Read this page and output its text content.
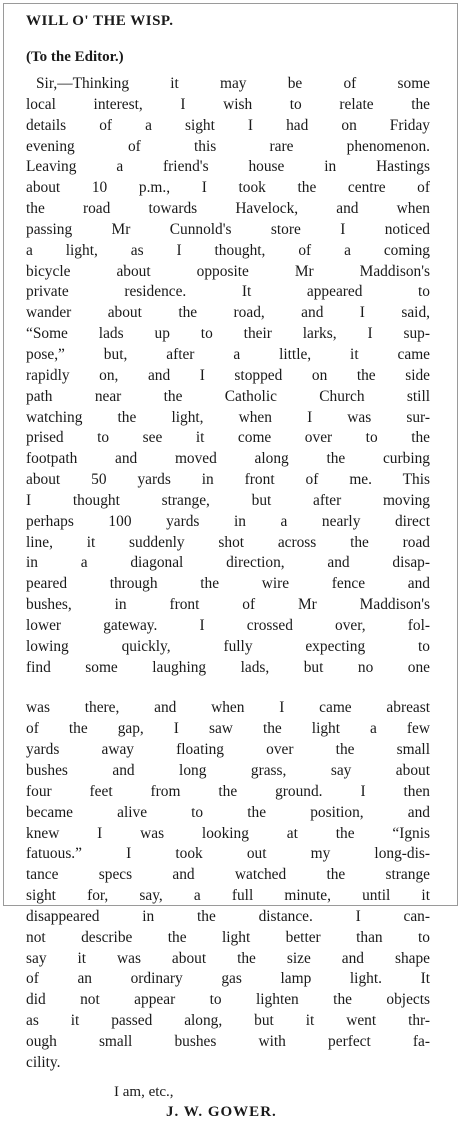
WILL O' THE WISP.
(To the Editor.)
Sir,—Thinking it may be of some
local interest, I wish to relate the
details of a sight I had on Friday
evening of this rare phenomenon.
Leaving a friend's house in Hastings
about 10 p.m., I took the centre of
the road towards Havelock, and when
passing Mr Cunnold's store I noticed
a light, as I thought, of a coming
bicycle about opposite Mr Maddison's
private residence. It appeared to
wander about the road, and I said,
“Some lads up to their larks, I sup-
pose,” but, after a little, it came
rapidly on, and I stopped on the side
path near the Catholic Church still
watching the light, when I was sur-
prised to see it come over to the
footpath and moved along the curbing
about 50 yards in front of me. This
I thought strange, but after moving
perhaps 100 yards in a nearly direct
line, it suddenly shot across the road
in a diagonal direction, and disap-
peared through the wire fence and
bushes, in front of Mr Maddison's
lower gateway. I crossed over, fol-
lowing quickly, fully expecting to
find some laughing lads, but no one
was there, and when I came abreast
of the gap, I saw the light a few
yards away floating over the small
bushes and long grass, say about
four feet from the ground. I then
became alive to the position, and
knew I was looking at the “Ignis
fatuous.” I took out my long-dis-
tance specs and watched the strange
sight for, say, a full minute, until it
disappeared in the distance. I can-
not describe the light better than to
say it was about the size and shape
of an ordinary gas lamp light. It
did not appear to lighten the objects
as it passed along, but it went thr-
ough small bushes with perfect fa-
cility.
I am, etc.,
J. W. GOWER.
